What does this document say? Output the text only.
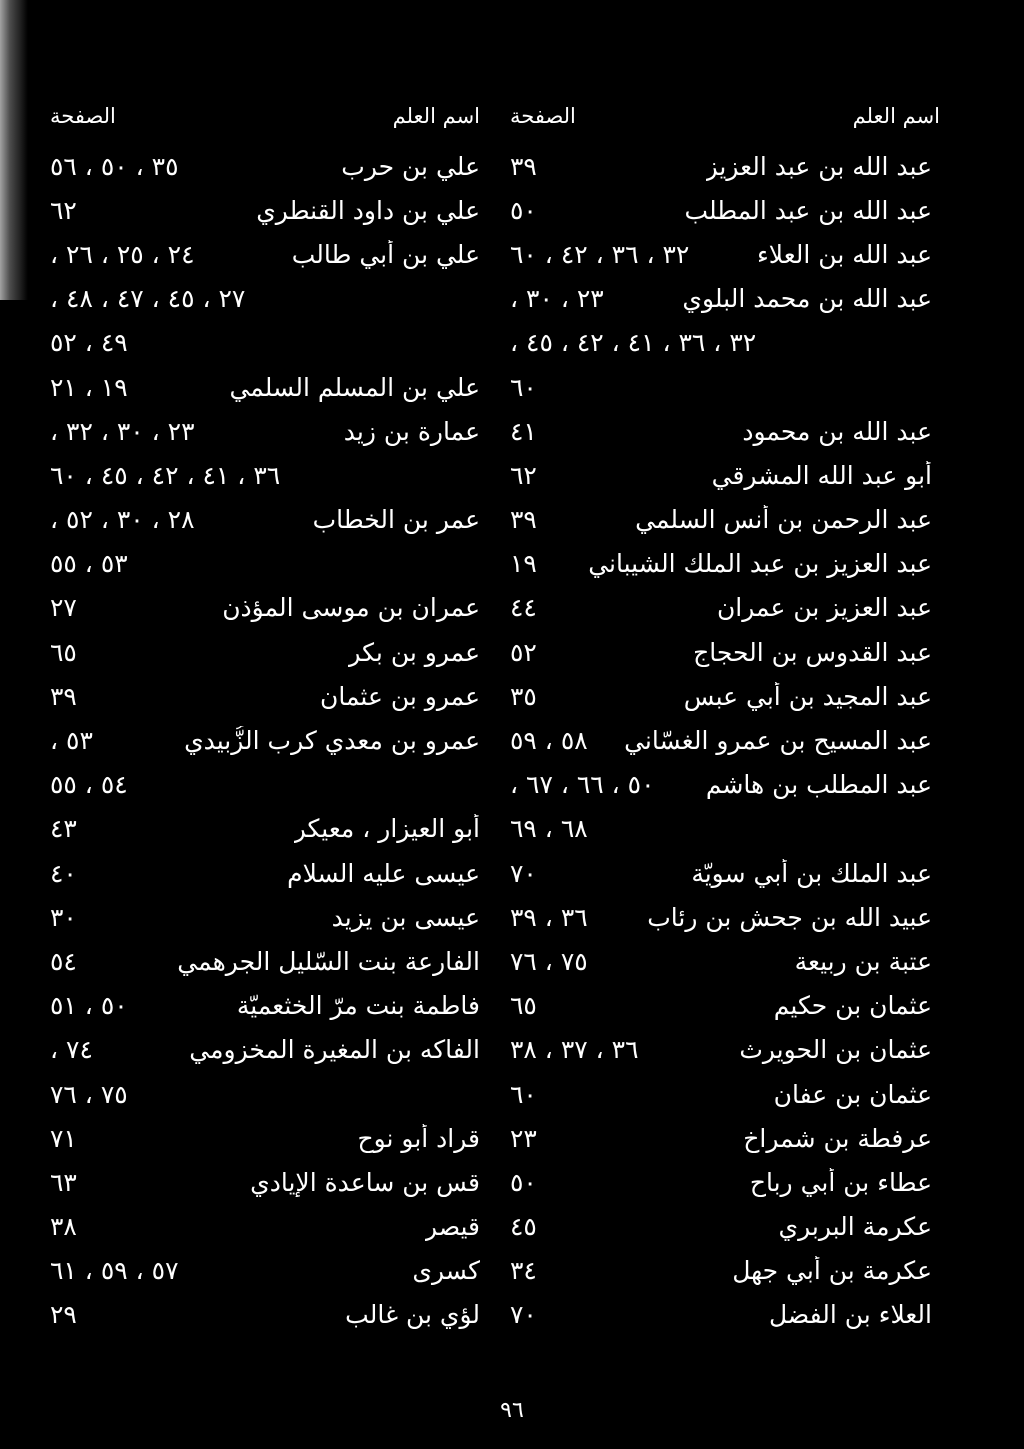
اسم العلم
الصفحة
عبد الله بن عبد العزيز
٣٩
عبد الله بن عبد المطلب
٥٠
عبد الله بن العلاء
٣٢ ، ٣٦ ، ٤٢ ، ٦٠
عبد الله بن محمد البلوي
٢٣ ، ٣٠ ،
٣٢ ، ٣٦ ، ٤١ ، ٤٢ ، ٤٥ ،
٦٠
عبد الله بن محمود
٤١
أبو عبد الله المشرقي
٦٢
عبد الرحمن بن أنس السلمي
٣٩
عبد العزيز بن عبد الملك الشيباني
١٩
عبد العزيز بن عمران
٤٤
عبد القدوس بن الحجاج
٥٢
عبد المجيد بن أبي عبس
٣٥
عبد المسيح بن عمرو الغسّاني
٥٨ ، ٥٩
عبد المطلب بن هاشم
٥٠ ، ٦٦ ، ٦٧ ،
٦٨ ، ٦٩
عبد الملك بن أبي سويّة
٧٠
عبيد الله بن جحش بن رئاب
٣٦ ، ٣٩
عتبة بن ربيعة
٧٥ ، ٧٦
عثمان بن حكيم
٦٥
عثمان بن الحويرث
٣٦ ، ٣٧ ، ٣٨
عثمان بن عفان
٦٠
عرفطة بن شمراخ
٢٣
عطاء بن أبي رباح
٥٠
عكرمة البربري
٤٥
عكرمة بن أبي جهل
٣٤
العلاء بن الفضل
٧٠
اسم العلم
الصفحة
علي بن حرب
٣٥ ، ٥٠ ، ٥٦
علي بن داود القنطري
٦٢
علي بن أبي طالب
٢٤ ، ٢٥ ، ٢٦ ،
٢٧ ، ٤٥ ، ٤٧ ، ٤٨ ،
٤٩ ، ٥٢
علي بن المسلم السلمي
١٩ ، ٢١
عمارة بن زيد
٢٣ ، ٣٠ ، ٣٢ ،
٣٦ ، ٤١ ، ٤٢ ، ٤٥ ، ٦٠
عمر بن الخطاب
٢٨ ، ٣٠ ، ٥٢ ،
٥٣ ، ٥٥
عمران بن موسى المؤذن
٢٧
عمرو بن بكر
٦٥
عمرو بن عثمان
٣٩
عمرو بن معدي كرب الزُّبيدي
٥٣ ،
٥٤ ، ٥٥
أبو العيزار ، معيكر
٤٣
عيسى عليه السلام
٤٠
عيسى بن يزيد
٣٠
الفارعة بنت السّليل الجرهمي
٥٤
فاطمة بنت مرّ الخثعميّة
٥٠ ، ٥١
الفاكه بن المغيرة المخزومي
٧٤ ،
٧٥ ، ٧٦
قراد أبو نوح
٧١
قس بن ساعدة الإيادي
٦٣
قيصر
٣٨
كسرى
٥٧ ، ٥٩ ، ٦١
لؤي بن غالب
٢٩
٩٦
